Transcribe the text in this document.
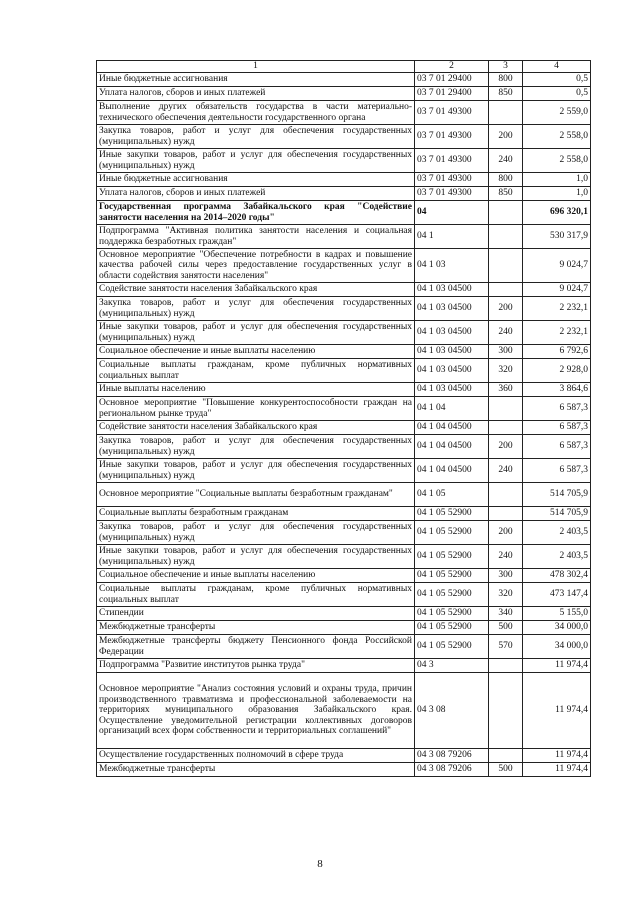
1	2	3	4
Иные бюджетные ассигнования	03 7 01 29400	800	0,5
Уплата налогов, сборов и иных платежей	03 7 01 29400	850	0,5
Выполнение других обязательств государства в части материально-технического обеспечения деятельности государственного органа	03 7 01 49300		2 559,0
Закупка товаров, работ и услуг для обеспечения государственных (муниципальных) нужд	03 7 01 49300	200	2 558,0
Иные закупки товаров, работ и услуг для обеспечения государственных (муниципальных) нужд	03 7 01 49300	240	2 558,0
Иные бюджетные ассигнования	03 7 01 49300	800	1,0
Уплата налогов, сборов и иных платежей	03 7 01 49300	850	1,0
Государственная программа Забайкальского края "Содействие занятости населения на 2014–2020 годы"	04		696 320,1
Подпрограмма "Активная политика занятости населения и социальная поддержка безработных граждан"	04 1		530 317,9
Основное мероприятие "Обеспечение потребности в кадрах и повышение качества рабочей силы через предоставление государственных услуг в области содействия занятости населения"	04 1 03		9 024,7
Содействие занятости населения Забайкальского края	04 1 03 04500		9 024,7
Закупка товаров, работ и услуг для обеспечения государственных (муниципальных) нужд	04 1 03 04500	200	2 232,1
Иные закупки товаров, работ и услуг для обеспечения государственных (муниципальных) нужд	04 1 03 04500	240	2 232,1
Социальное обеспечение и иные выплаты населению	04 1 03 04500	300	6 792,6
Социальные выплаты гражданам, кроме публичных нормативных социальных выплат	04 1 03 04500	320	2 928,0
Иные выплаты населению	04 1 03 04500	360	3 864,6
Основное мероприятие "Повышение конкурентоспособности граждан на региональном рынке труда"	04 1 04		6 587,3
Содействие занятости населения Забайкальского края	04 1 04 04500		6 587,3
Закупка товаров, работ и услуг для обеспечения государственных (муниципальных) нужд	04 1 04 04500	200	6 587,3
Иные закупки товаров, работ и услуг для обеспечения государственных (муниципальных) нужд	04 1 04 04500	240	6 587,3
Основное мероприятие "Социальные выплаты безработным гражданам"	04 1 05		514 705,9
Социальные выплаты безработным гражданам	04 1 05 52900		514 705,9
Закупка товаров, работ и услуг для обеспечения государственных (муниципальных) нужд	04 1 05 52900	200	2 403,5
Иные закупки товаров, работ и услуг для обеспечения государственных (муниципальных) нужд	04 1 05 52900	240	2 403,5
Социальное обеспечение и иные выплаты населению	04 1 05 52900	300	478 302,4
Социальные выплаты гражданам, кроме публичных нормативных социальных выплат	04 1 05 52900	320	473 147,4
Стипендии	04 1 05 52900	340	5 155,0
Межбюджетные трансферты	04 1 05 52900	500	34 000,0
Межбюджетные трансферты бюджету Пенсионного фонда Российской Федерации	04 1 05 52900	570	34 000,0
Подпрограмма "Развитие институтов рынка труда"	04 3		11 974,4
Основное мероприятие "Анализ состояния условий и охраны труда, причин производственного травматизма и профессиональной заболеваемости на территориях муниципального образования Забайкальского края. Осуществление уведомительной регистрации коллективных договоров организаций всех форм собственности и территориальных соглашений"	04 3 08		11 974,4
Осуществление государственных полномочий в сфере труда	04 3 08 79206		11 974,4
Межбюджетные трансферты	04 3 08 79206	500	11 974,4
8
